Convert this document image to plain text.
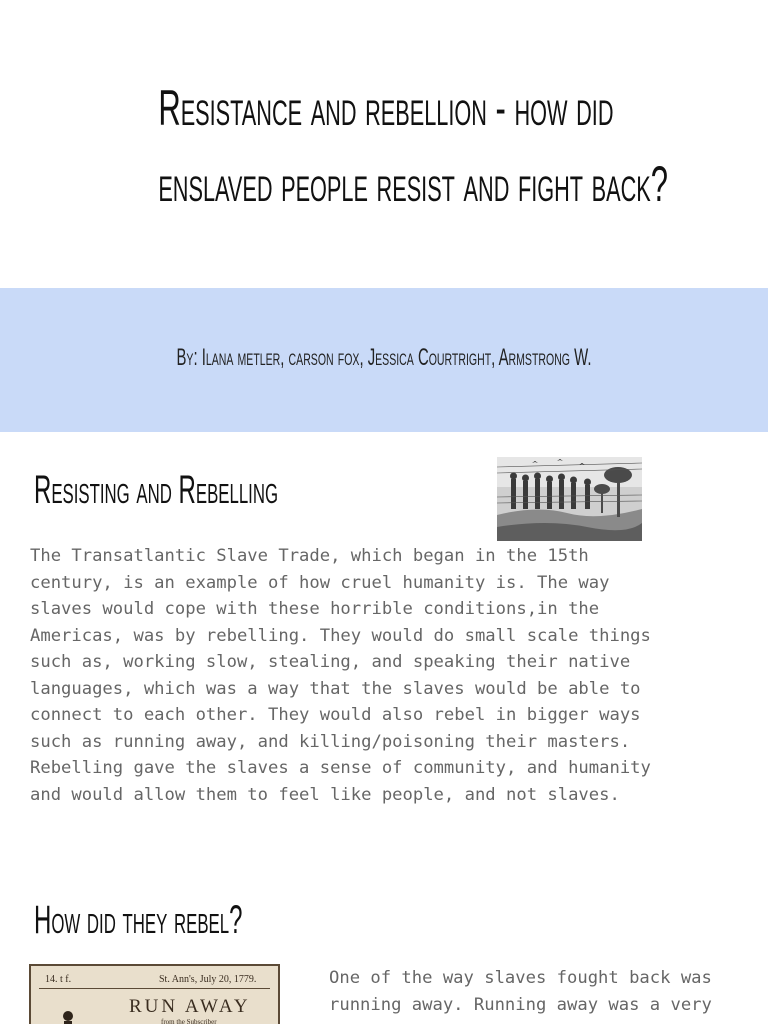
Resistance and rebellion - how did
enslaved people resist and fight back?
By: Ilana metler, carson fox, Jessica Courtright, Armstrong W.
Resisting and Rebelling

The Transatlantic Slave Trade, which began in the 15th
century, is an example of how cruel humanity is. The way
slaves would cope with these horrible conditions,in the
Americas, was by rebelling. They would do small scale things
such as, working slow, stealing, and speaking their native
languages, which was a way that the slaves would be able to
connect to each other. They would also rebel in bigger ways
such as running away, and killing/poisoning their masters.
Rebelling gave the slaves a sense of community, and humanity
and would allow them to feel like people, and not slaves.

How did they rebel?
14. t f.	St. Ann's, July 20, 1779.
RUN AWAY
from the Subscriber

One of the way slaves fought back was
running away. Running away was a very
